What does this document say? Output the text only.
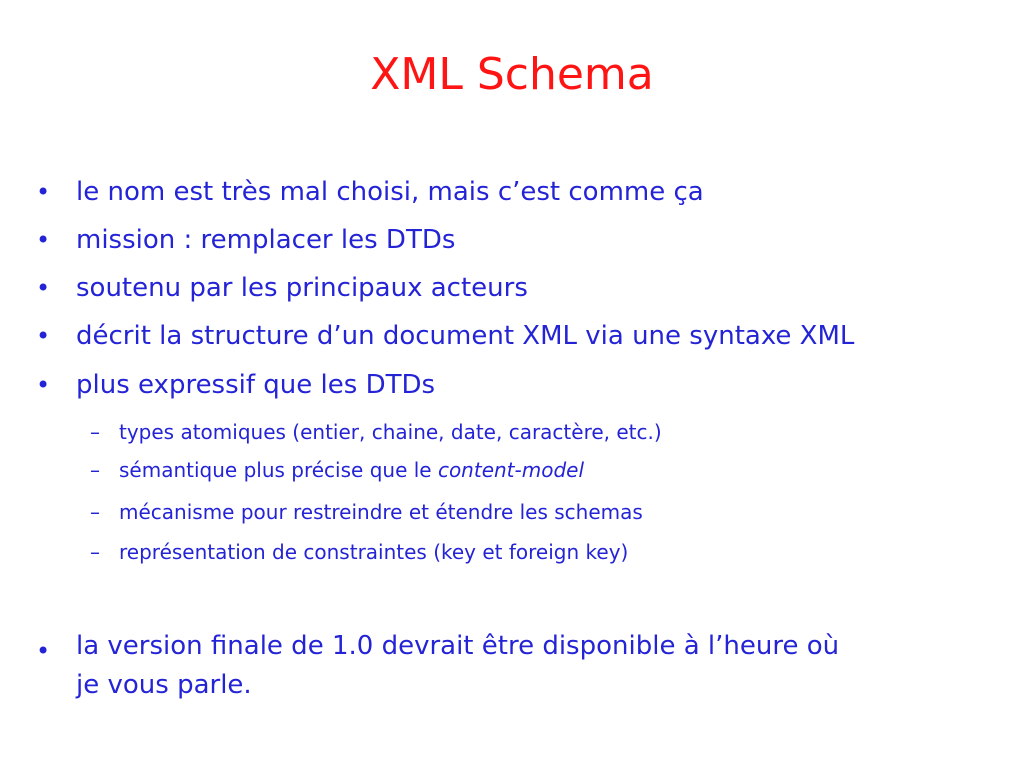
XML Schema
• le nom est très mal choisi, mais c’est comme ça
• mission : remplacer les DTDs
• soutenu par les principaux acteurs
• décrit la structure d’un document XML via une syntaxe XML
• plus expressif que les DTDs
– types atomiques (entier, chaine, date, caractère, etc.)
– sémantique plus précise que le content-model
– mécanisme pour restreindre et étendre les schemas
– représentation de constraintes (key et foreign key)
• la version finale de 1.0 devrait être disponible à l’heure où
je vous parle.
